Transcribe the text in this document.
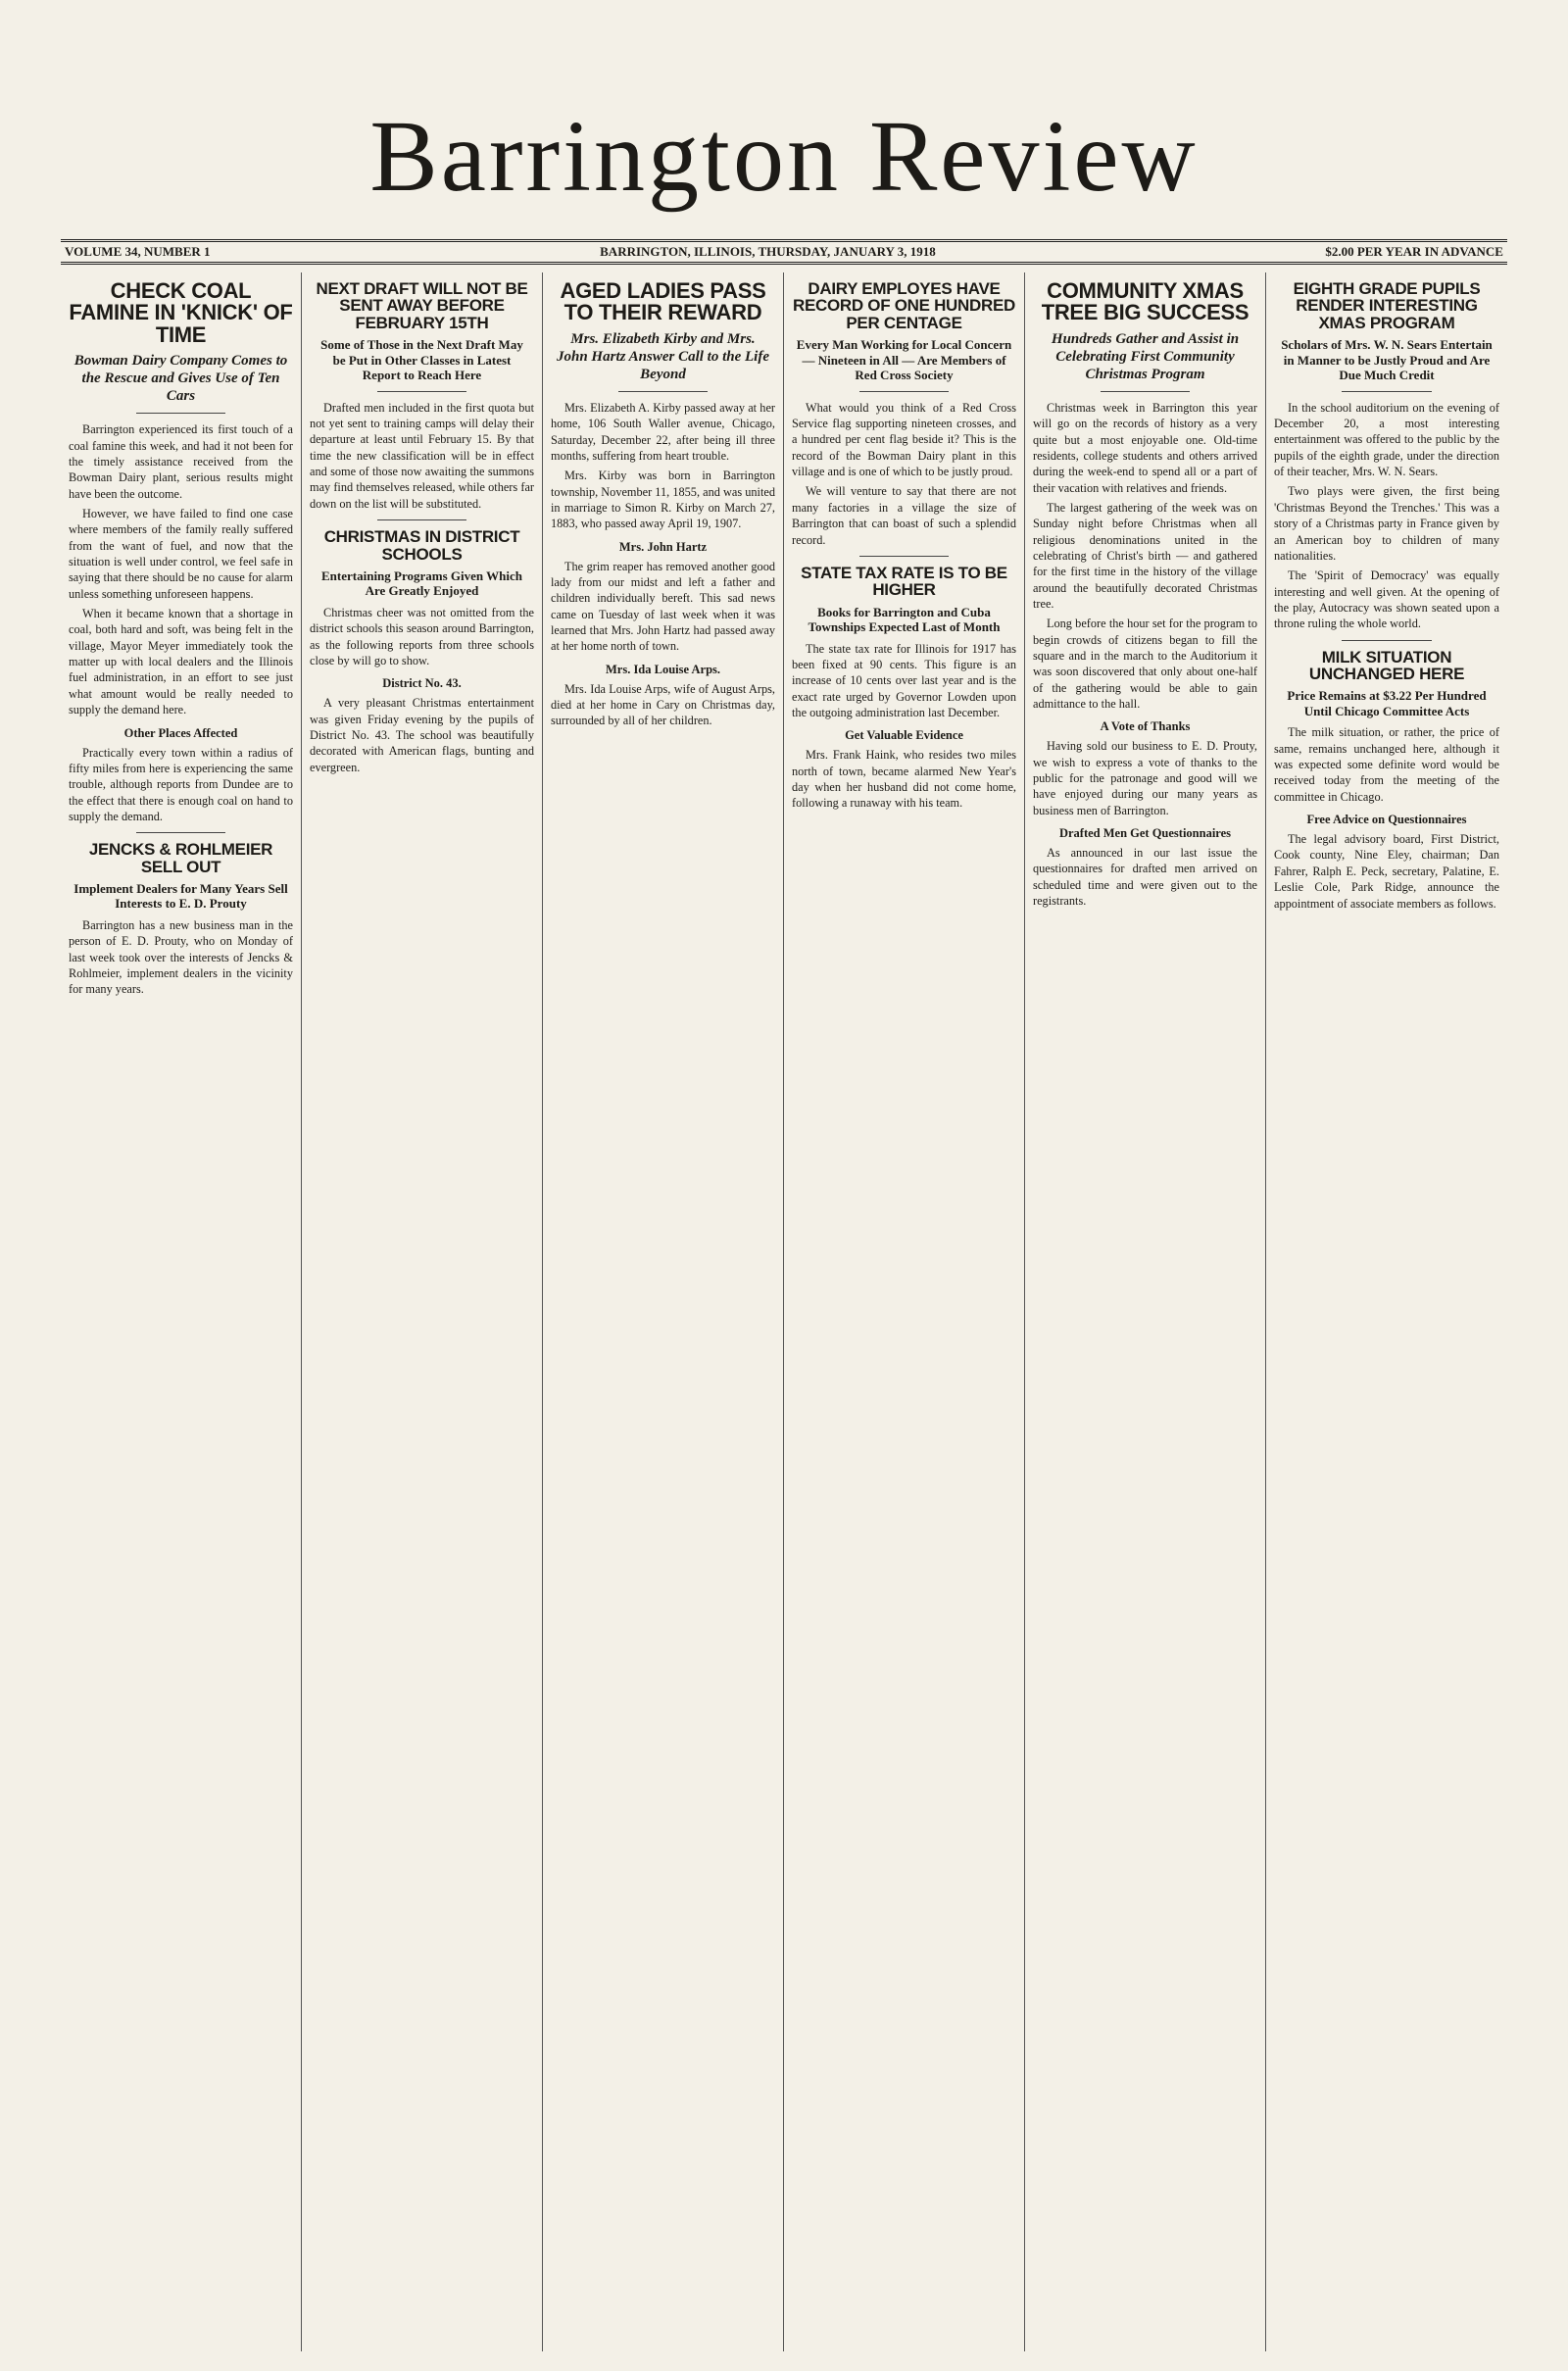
Barrington Review
VOLUME 34, NUMBER 1	BARRINGTON, ILLINOIS, THURSDAY, JANUARY 3, 1918	$2.00 PER YEAR IN ADVANCE
CHECK COAL FAMINE IN 'KNICK' OF TIME
Bowman Dairy Company Comes to the Rescue and Gives Use of Ten Cars

Barrington experienced its first touch of a coal famine this week, and had it not been for the timely assistance received from the Bowman Dairy plant, serious results might have been the outcome.

However, we have failed to find one case where members of the family really suffered from the want of fuel, and now that the situation is well under control, we feel safe in saying that there should be no cause for alarm unless something unforeseen happens.

When it became known that a shortage in coal, both hard and soft, was being felt in the village, Mayor Meyer immediately took the matter up with local dealers and the Illinois fuel administration, in an effort to see just what amount would be really needed to supply the demand here.

Other Places Affected

Practically every town within a radius of fifty miles from here is experiencing the same trouble, although reports from Dundee are to the effect that there is enough coal on hand to supply the demand.

JENCKS & ROHLMEIER SELL OUT
Implement Dealers for Many Years Sell Interests to E. D. Prouty

Barrington has a new business man in the person of E. D. Prouty, who on Monday of last week took over the interests of Jencks & Rohlmeier, implement dealers in the vicinity for many years.

NEXT DRAFT WILL NOT BE SENT AWAY BEFORE FEBRUARY 15TH
Some of Those in the Next Draft May be Put in Other Classes in Latest Report to Reach Here

Drafted men included in the first quota but not yet sent to training camps will delay their departure at least until February 15. By that time the new classification will be in effect and some of those now awaiting the summons may find themselves released, while others far down on the list will be substituted.

CHRISTMAS IN DISTRICT SCHOOLS
Entertaining Programs Given Which Are Greatly Enjoyed

Christmas cheer was not omitted from the district schools this season around Barrington, as the following reports from three schools close by will go to show.

District No. 43.

A very pleasant Christmas entertainment was given Friday evening by the pupils of District No. 43. The school was beautifully decorated with American flags, bunting and evergreen.

AGED LADIES PASS TO THEIR REWARD
Mrs. Elizabeth Kirby and Mrs. John Hartz Answer Call to the Life Beyond

Mrs. Elizabeth A. Kirby passed away at her home, 106 South Waller avenue, Chicago, Saturday, December 22, after being ill three months, suffering from heart trouble.

Mrs. Kirby was born in Barrington township, November 11, 1855, and was united in marriage to Simon R. Kirby on March 27, 1883, who passed away April 19, 1907.

Mrs. John Hartz

The grim reaper has removed another good lady from our midst and left a father and children individually bereft. This sad news came on Tuesday of last week when it was learned that Mrs. John Hartz had passed away at her home north of town.

Mrs. Ida Louise Arps.

Mrs. Ida Louise Arps, wife of August Arps, died at her home in Cary on Christmas day, surrounded by all of her children.

DAIRY EMPLOYES HAVE RECORD OF ONE HUNDRED PER CENTAGE
Every Man Working for Local Concern — Nineteen in All — Are Members of Red Cross Society

What would you think of a Red Cross Service flag supporting nineteen crosses, and a hundred per cent flag beside it? This is the record of the Bowman Dairy plant in this village and is one of which to be justly proud.

We will venture to say that there are not many factories in a village the size of Barrington that can boast of such a splendid record.

STATE TAX RATE IS TO BE HIGHER
Books for Barrington and Cuba Townships Expected Last of Month

The state tax rate for Illinois for 1917 has been fixed at 90 cents. This figure is an increase of 10 cents over last year and is the exact rate urged by Governor Lowden upon the outgoing administration last December.

Get Valuable Evidence

Mrs. Frank Haink, who resides two miles north of town, became alarmed New Year's day when her husband did not come home, following a runaway with his team.

COMMUNITY XMAS TREE BIG SUCCESS
Hundreds Gather and Assist in Celebrating First Community Christmas Program

Christmas week in Barrington this year will go on the records of history as a very quite but a most enjoyable one. Old-time residents, college students and others arrived during the week-end to spend all or a part of their vacation with relatives and friends.

The largest gathering of the week was on Sunday night before Christmas when all religious denominations united in the celebrating of Christ's birth — and gathered for the first time in the history of the village around the beautifully decorated Christmas tree.

Long before the hour set for the program to begin crowds of citizens began to fill the square and in the march to the Auditorium it was soon discovered that only about one-half of the gathering would be able to gain admittance to the hall.

A Vote of Thanks

Having sold our business to E. D. Prouty, we wish to express a vote of thanks to the public for the patronage and good will we have enjoyed during our many years as business men of Barrington.

Drafted Men Get Questionnaires

As announced in our last issue the questionnaires for drafted men arrived on scheduled time and were given out to the registrants.

EIGHTH GRADE PUPILS RENDER INTERESTING XMAS PROGRAM
Scholars of Mrs. W. N. Sears Entertain in Manner to be Justly Proud and Are Due Much Credit

In the school auditorium on the evening of December 20, a most interesting entertainment was offered to the public by the pupils of the eighth grade, under the direction of their teacher, Mrs. W. N. Sears.

Two plays were given, the first being 'Christmas Beyond the Trenches.' This was a story of a Christmas party in France given by an American boy to children of many nationalities.

The 'Spirit of Democracy' was equally interesting and well given. At the opening of the play, Autocracy was shown seated upon a throne ruling the whole world.

MILK SITUATION UNCHANGED HERE
Price Remains at $3.22 Per Hundred Until Chicago Committee Acts

The milk situation, or rather, the price of same, remains unchanged here, although it was expected some definite word would be received today from the meeting of the committee in Chicago.

Free Advice on Questionnaires

The legal advisory board, First District, Cook county, Nine Eley, chairman; Dan Fahrer, Ralph E. Peck, secretary, Palatine, E. Leslie Cole, Park Ridge, announce the appointment of associate members as follows.
